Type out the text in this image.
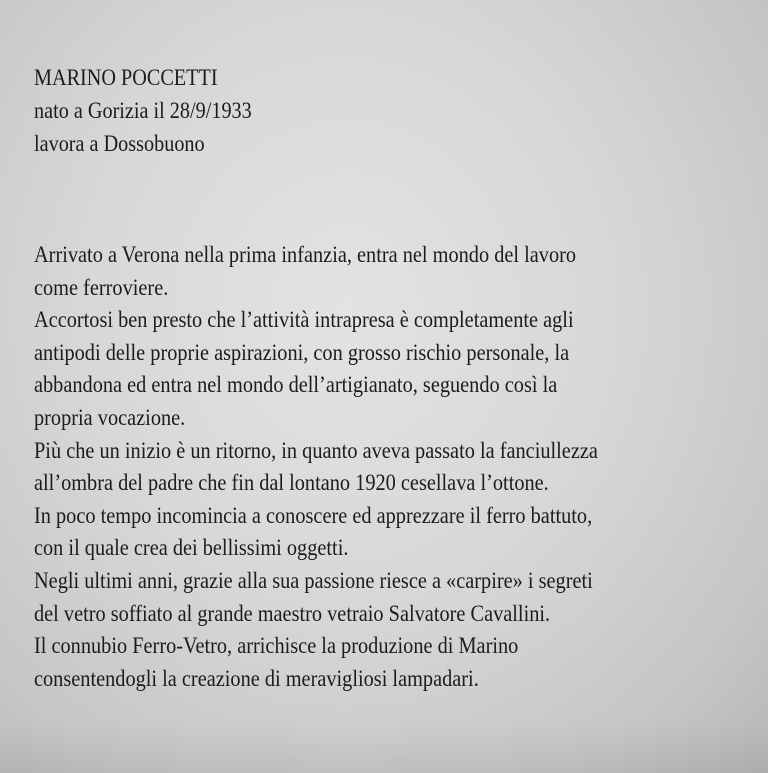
MARINO POCCETTI
nato a Gorizia il 28/9/1933
lavora a Dossobuono
Arrivato a Verona nella prima infanzia, entra nel mondo del lavoro
come ferroviere.
Accortosi ben presto che l’attività intrapresa è completamente agli
antipodi delle proprie aspirazioni, con grosso rischio personale, la
abbandona ed entra nel mondo dell’artigianato, seguendo così la
propria vocazione.
Più che un inizio è un ritorno, in quanto aveva passato la fanciullezza
all’ombra del padre che fin dal lontano 1920 cesellava l’ottone.
In poco tempo incomincia a conoscere ed apprezzare il ferro battuto,
con il quale crea dei bellissimi oggetti.
Negli ultimi anni, grazie alla sua passione riesce a «carpire» i segreti
del vetro soffiato al grande maestro vetraio Salvatore Cavallini.
Il connubio Ferro-Vetro, arrichisce la produzione di Marino
consentendogli la creazione di meravigliosi lampadari.
